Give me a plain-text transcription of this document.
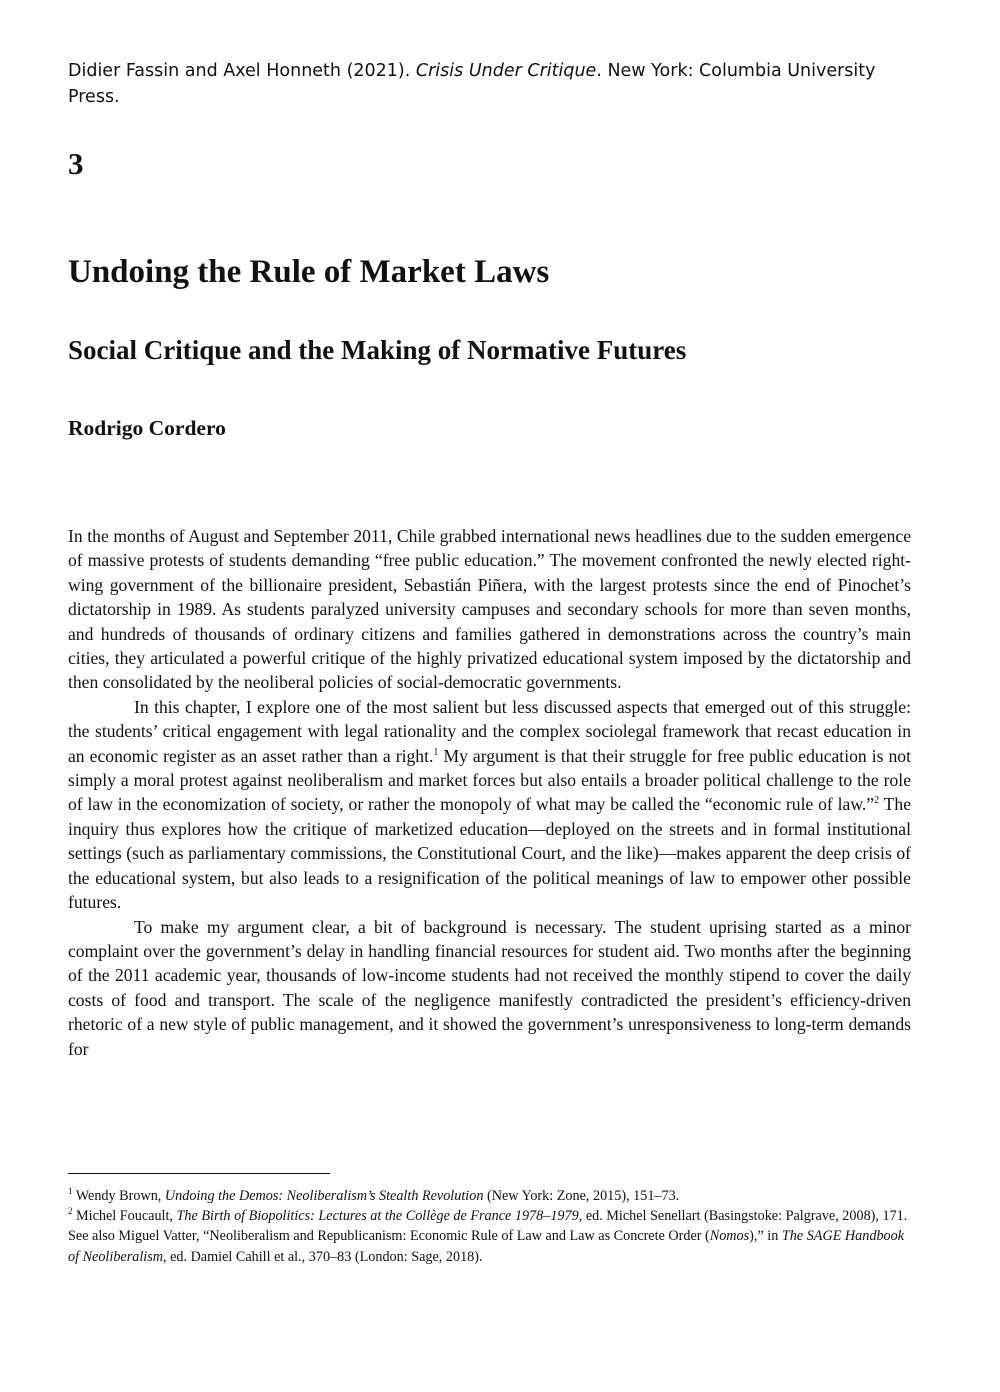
Didier Fassin and Axel Honneth (2021). Crisis Under Critique. New York: Columbia University Press.
3
Undoing the Rule of Market Laws
Social Critique and the Making of Normative Futures
Rodrigo Cordero

In the months of August and September 2011, Chile grabbed international news headlines due to the sudden emergence of massive protests of students demanding “free public education.” The movement confronted the newly elected right-wing government of the billionaire president, Sebastián Piñera, with the largest protests since the end of Pinochet’s dictatorship in 1989. As students paralyzed university campuses and secondary schools for more than seven months, and hundreds of thousands of ordinary citizens and families gathered in demonstrations across the country’s main cities, they articulated a powerful critique of the highly privatized educational system imposed by the dictatorship and then consolidated by the neoliberal policies of social-democratic governments.

In this chapter, I explore one of the most salient but less discussed aspects that emerged out of this struggle: the students’ critical engagement with legal rationality and the complex sociolegal framework that recast education in an economic register as an asset rather than a right.$^1$ My argument is that their struggle for free public education is not simply a moral protest against neoliberalism and market forces but also entails a broader political challenge to the role of law in the economization of society, or rather the monopoly of what may be called the “economic rule of law.”$^2$ The inquiry thus explores how the critique of marketized education—deployed on the streets and in formal institutional settings (such as parliamentary commissions, the Constitutional Court, and the like)—makes apparent the deep crisis of the educational system, but also leads to a resignification of the political meanings of law to empower other possible futures.

To make my argument clear, a bit of background is necessary. The student uprising started as a minor complaint over the government’s delay in handling financial resources for student aid. Two months after the beginning of the 2011 academic year, thousands of low-income students had not received the monthly stipend to cover the daily costs of food and transport. The scale of the negligence manifestly contradicted the president’s efficiency-driven rhetoric of a new style of public management, and it showed the government’s unresponsiveness to long-term demands for

$^1$ Wendy Brown, Undoing the Demos: Neoliberalism’s Stealth Revolution (New York: Zone, 2015), 151–73.

$^2$ Michel Foucault, The Birth of Biopolitics: Lectures at the Collège de France 1978–1979, ed. Michel Senellart (Basingstoke: Palgrave, 2008), 171. See also Miguel Vatter, “Neoliberalism and Republicanism: Economic Rule of Law and Law as Concrete Order (Nomos),” in The SAGE Handbook of Neoliberalism, ed. Damiel Cahill et al., 370–83 (London: Sage, 2018).
